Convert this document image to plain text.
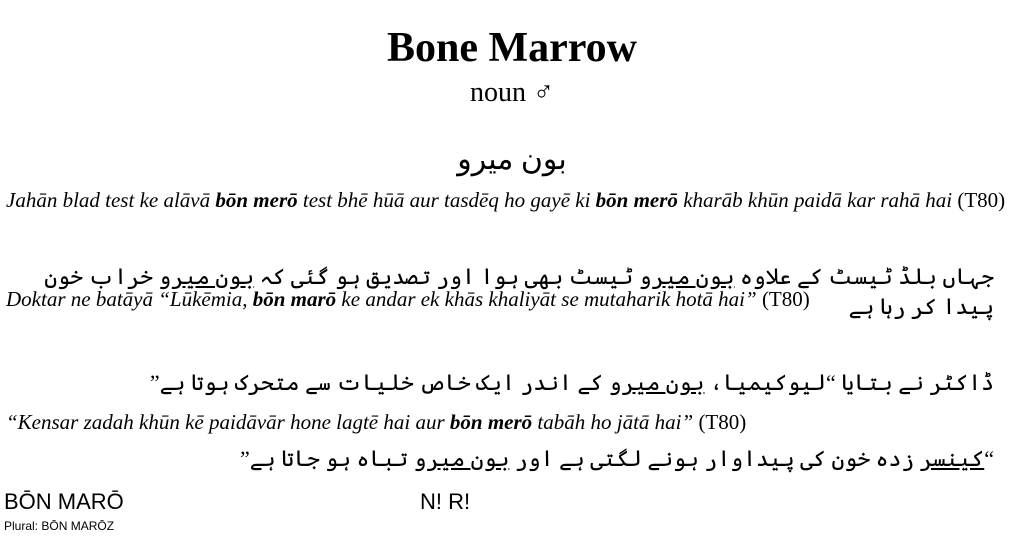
Bone Marrow
noun ♂
بون میرو
Jahān blad test ke alāvā bōn merō test bhē hūā aur tasdēq ho gayē ki bōn merō kharāb khūn paidā kar rahā hai (T80)
جہاں بلڈ ٹیسٹ کے علاوہ بون میرو ٹیسٹ بھی ہوا اور تصدیق ہو گئی کہ بون میرو خراب خون پیدا کر رہا ہے
Doktar ne batāyā “Lūkēmia, bōn marō ke andar ek khās khaliyāt se mutaharik hotā hai” (T80)
ڈاکٹر نے بتایا “لیوکیمیا، بون میرو کے اندر ایک خاص خلیات سے متحرک ہوتا ہے”
“Kensar zadah khūn kē paidāvār hone lagtē hai aur bōn merō tabāh ho jātā hai” (T80)
“کینسر زدہ خون کی پیداوار ہونے لگتی ہے اور بون میرو تباہ ہو جاتا ہے”
BŌN MARŌ
Plural: BŌN MARŌZ
N! R!
